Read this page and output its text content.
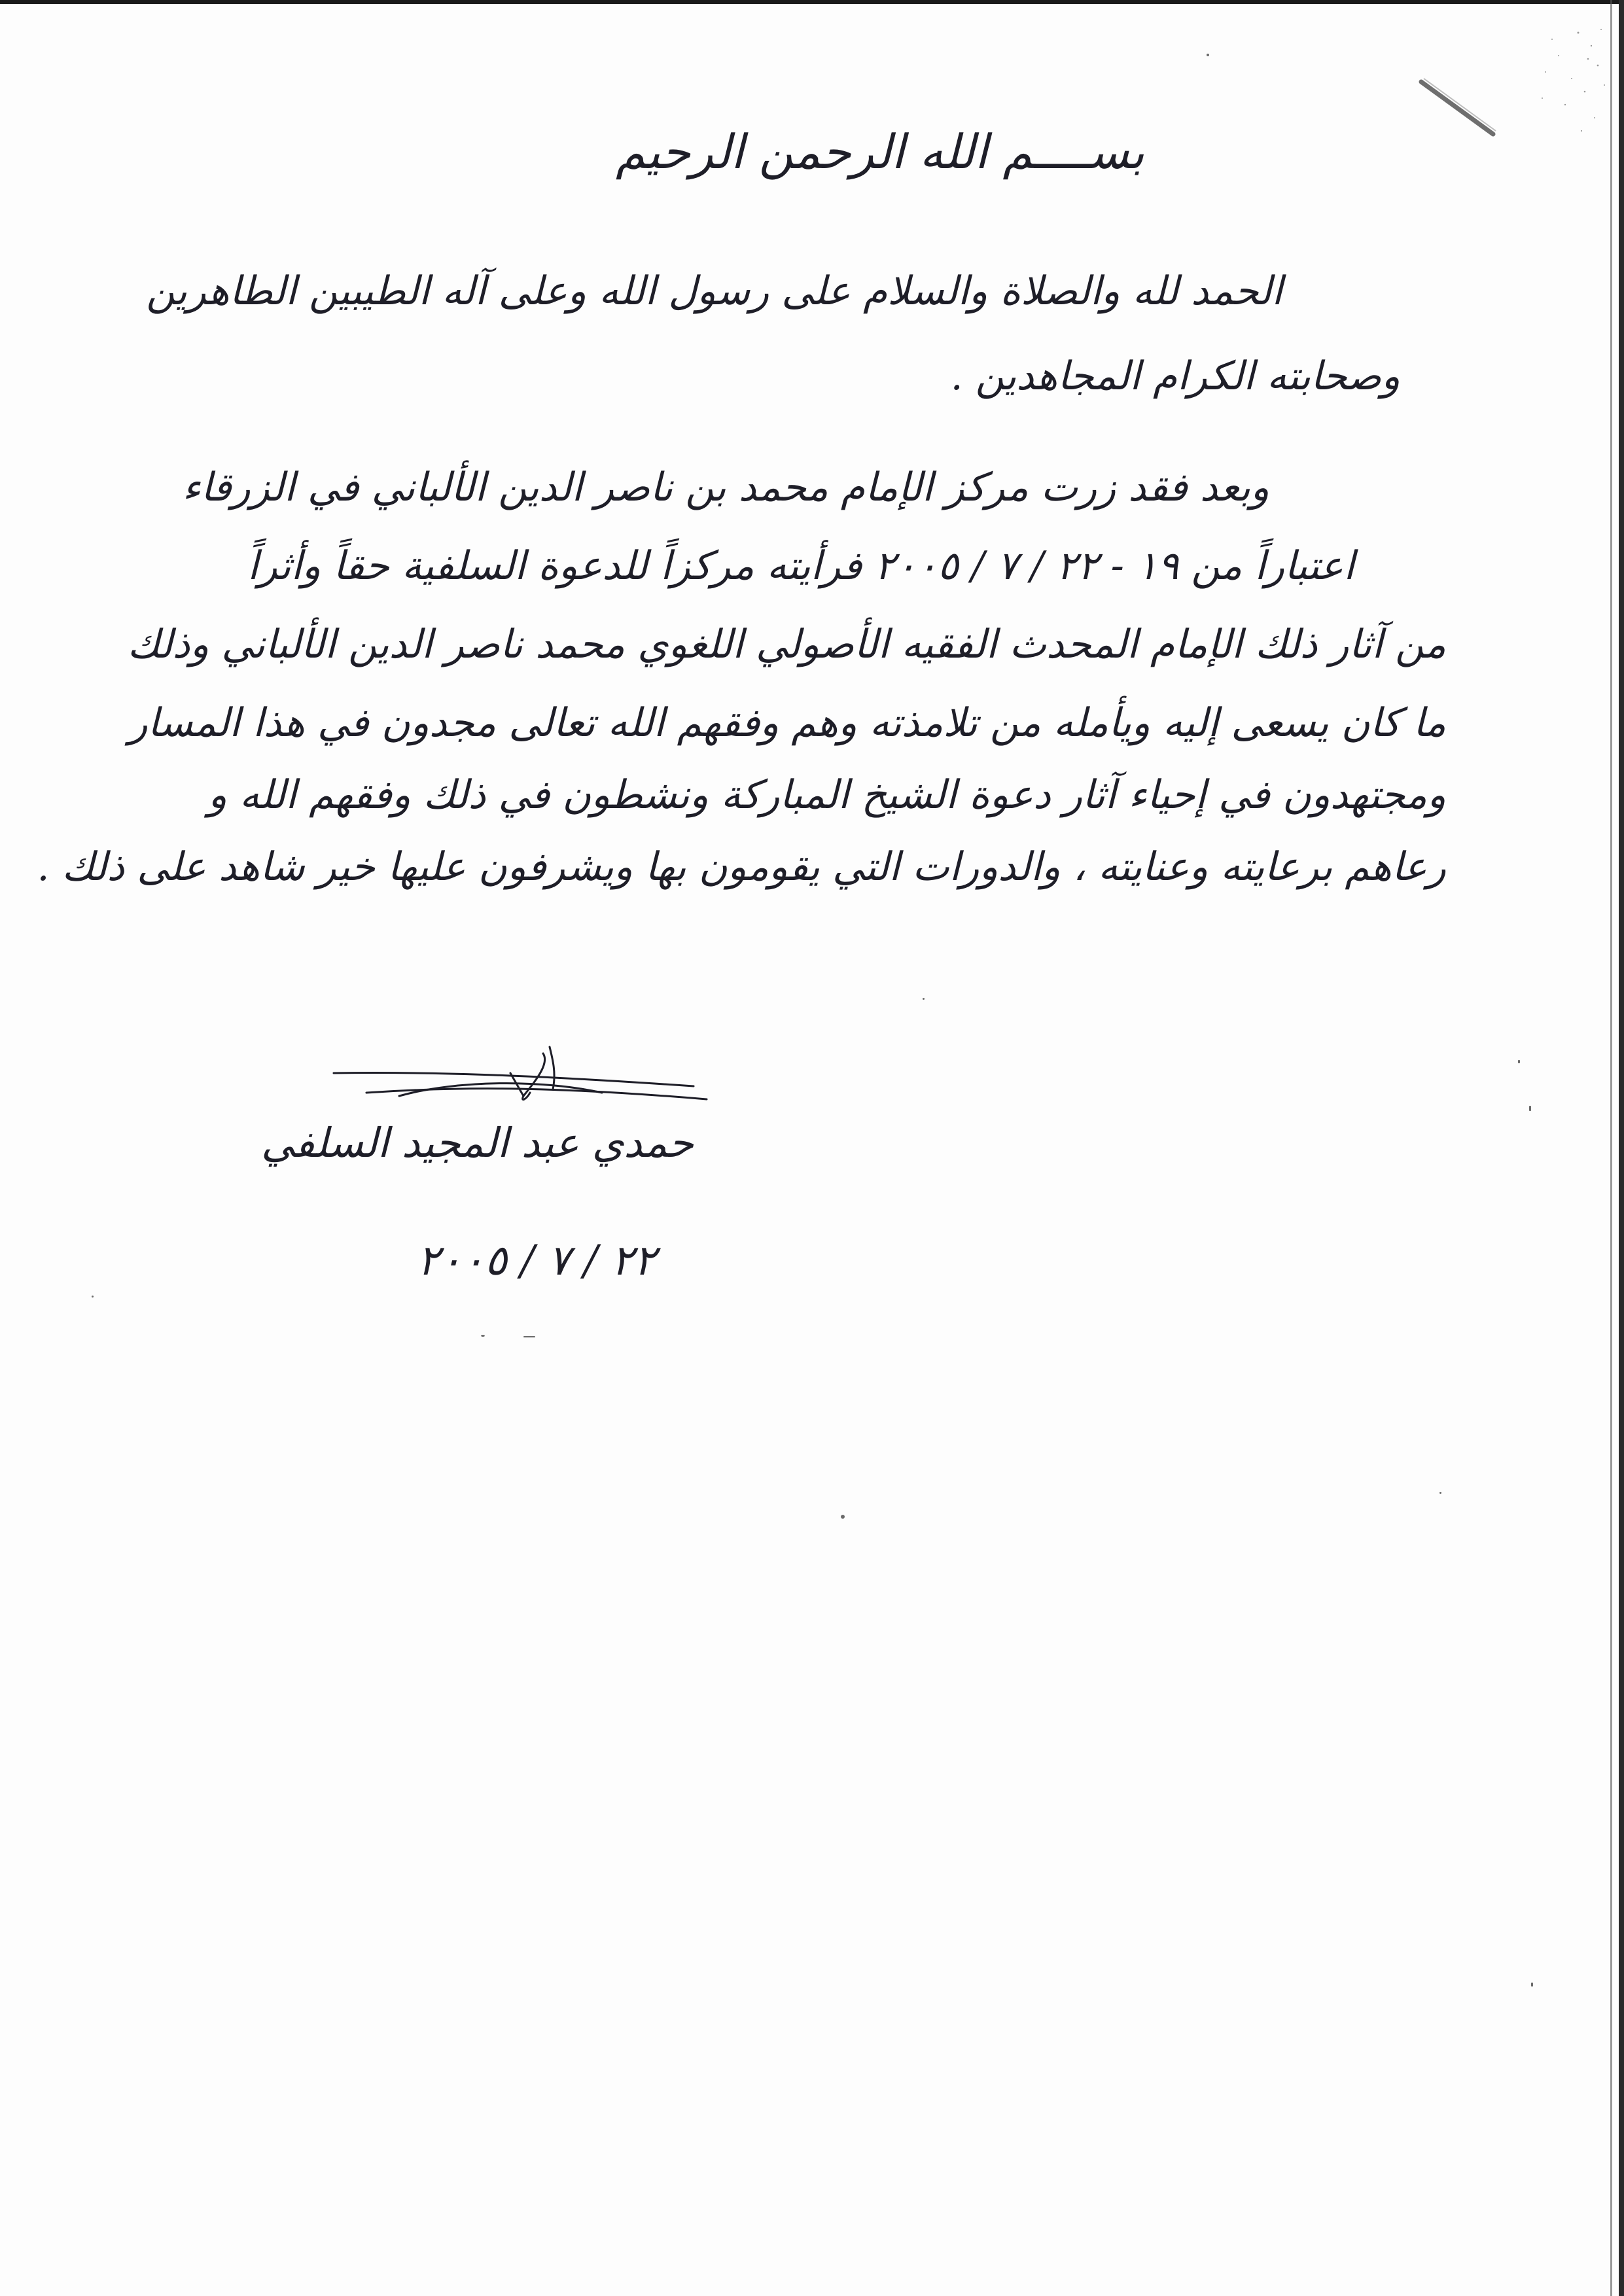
بســــم الله الرحمن الرحيم
الحمد لله والصلاة والسلام على رسول الله وعلى آله الطيبين الطاهرين
وصحابته الكرام المجاهدين .
وبعد فقد زرت مركز الإمام محمد بن ناصر الدين الألباني في الزرقاء
اعتباراً من ١٩ - ٢٢ / ٧ / ٢٠٠٥ فرأيته مركزاً للدعوة السلفية حقاً وأثراً
من آثار ذلك الإمام المحدث الفقيه الأصولي اللغوي محمد ناصر الدين الألباني وذلك
ما كان يسعى إليه ويأمله من تلامذته وهم وفقهم الله تعالى مجدون في هذا المسار
ومجتهدون في إحياء آثار دعوة الشيخ المباركة ونشطون في ذلك وفقهم الله و
رعاهم برعايته وعنايته ، والدورات التي يقومون بها ويشرفون عليها خير شاهد على ذلك .
حمدي عبد المجيد السلفي
٢٢ / ٧ / ٢٠٠٥
